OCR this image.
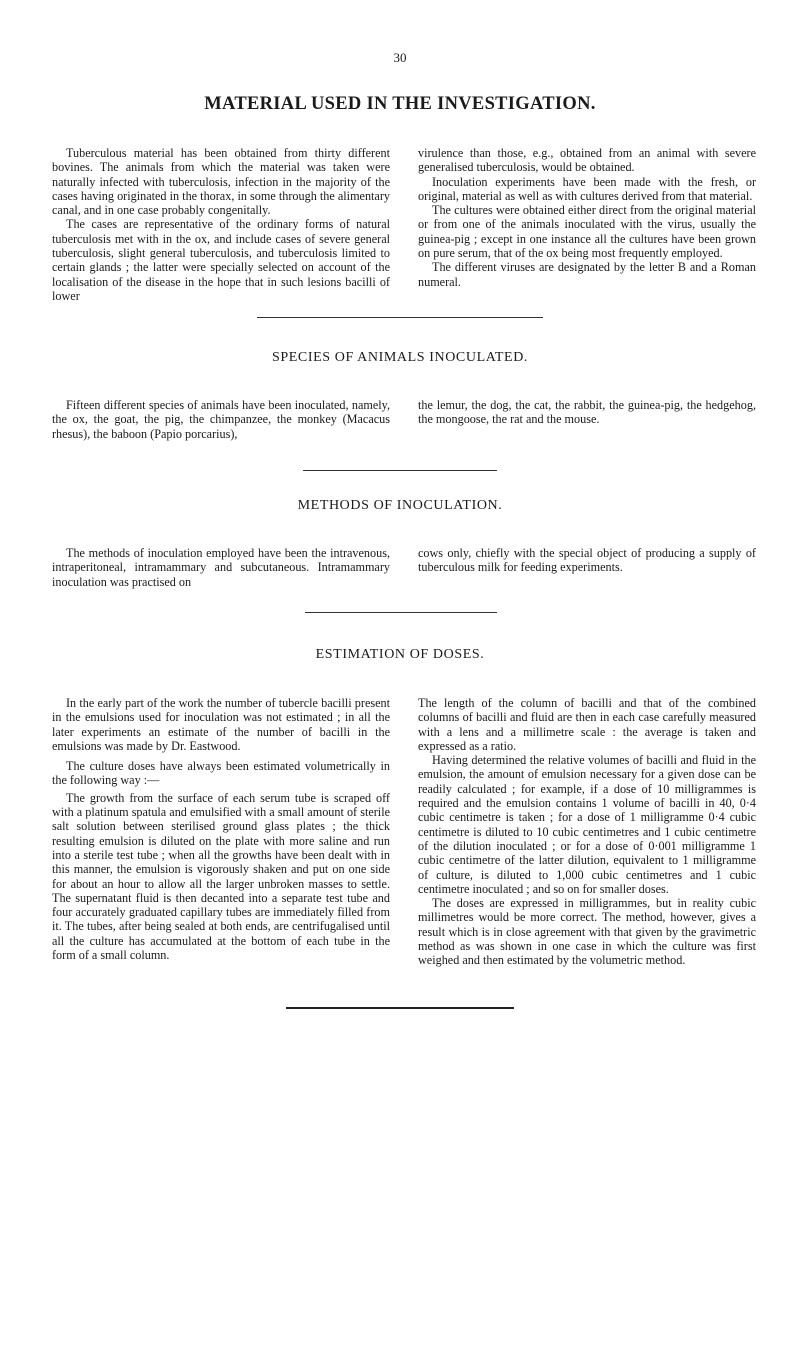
30
MATERIAL USED IN THE INVESTIGATION.

Tuberculous material has been obtained from thirty different bovines. The animals from which the material was taken were naturally infected with tuberculosis, infection in the majority of the cases having originated in the thorax, in some through the alimentary canal, and in one case probably congenitally.

The cases are representative of the ordinary forms of natural tuberculosis met with in the ox, and include cases of severe general tuberculosis, slight general tuberculosis, and tuberculosis limited to certain glands ; the latter were specially selected on account of the localisation of the disease in the hope that in such lesions bacilli of lower

virulence than those, e.g., obtained from an animal with severe generalised tuberculosis, would be obtained.

Inoculation experiments have been made with the fresh, or original, material as well as with cultures derived from that material.

The cultures were obtained either direct from the original material or from one of the animals inoculated with the virus, usually the guinea-pig ; except in one instance all the cultures have been grown on pure serum, that of the ox being most frequently employed.

The different viruses are designated by the letter B and a Roman numeral.

SPECIES OF ANIMALS INOCULATED.

Fifteen different species of animals have been inoculated, namely, the ox, the goat, the pig, the chimpanzee, the monkey (Macacus rhesus), the baboon (Papio porcarius),

the lemur, the dog, the cat, the rabbit, the guinea-pig, the hedgehog, the mongoose, the rat and the mouse.

METHODS OF INOCULATION.

The methods of inoculation employed have been the intravenous, intraperitoneal, intramammary and subcutaneous. Intramammary inoculation was practised on

cows only, chiefly with the special object of producing a supply of tuberculous milk for feeding experiments.

ESTIMATION OF DOSES.

In the early part of the work the number of tubercle bacilli present in the emulsions used for inoculation was not estimated ; in all the later experiments an estimate of the number of bacilli in the emulsions was made by Dr. Eastwood.

The culture doses have always been estimated volumetrically in the following way :—

The growth from the surface of each serum tube is scraped off with a platinum spatula and emulsified with a small amount of sterile salt solution between sterilised ground glass plates ; the thick resulting emulsion is diluted on the plate with more saline and run into a sterile test tube ; when all the growths have been dealt with in this manner, the emulsion is vigorously shaken and put on one side for about an hour to allow all the larger unbroken masses to settle. The supernatant fluid is then decanted into a separate test tube and four accurately graduated capillary tubes are immediately filled from it. The tubes, after being sealed at both ends, are centrifugalised until all the culture has accumulated at the bottom of each tube in the form of a small column.

The length of the column of bacilli and that of the combined columns of bacilli and fluid are then in each case carefully measured with a lens and a millimetre scale : the average is taken and expressed as a ratio.

Having determined the relative volumes of bacilli and fluid in the emulsion, the amount of emulsion necessary for a given dose can be readily calculated ; for example, if a dose of 10 milligrammes is required and the emulsion contains 1 volume of bacilli in 40, 0·4 cubic centimetre is taken ; for a dose of 1 milligramme 0·4 cubic centimetre is diluted to 10 cubic centimetres and 1 cubic centimetre of the dilution inoculated ; or for a dose of 0·001 milligramme 1 cubic centimetre of the latter dilution, equivalent to 1 milligramme of culture, is diluted to 1,000 cubic centimetres and 1 cubic centimetre inoculated ; and so on for smaller doses.

The doses are expressed in milligrammes, but in reality cubic millimetres would be more correct. The method, however, gives a result which is in close agreement with that given by the gravimetric method as was shown in one case in which the culture was first weighed and then estimated by the volumetric method.
